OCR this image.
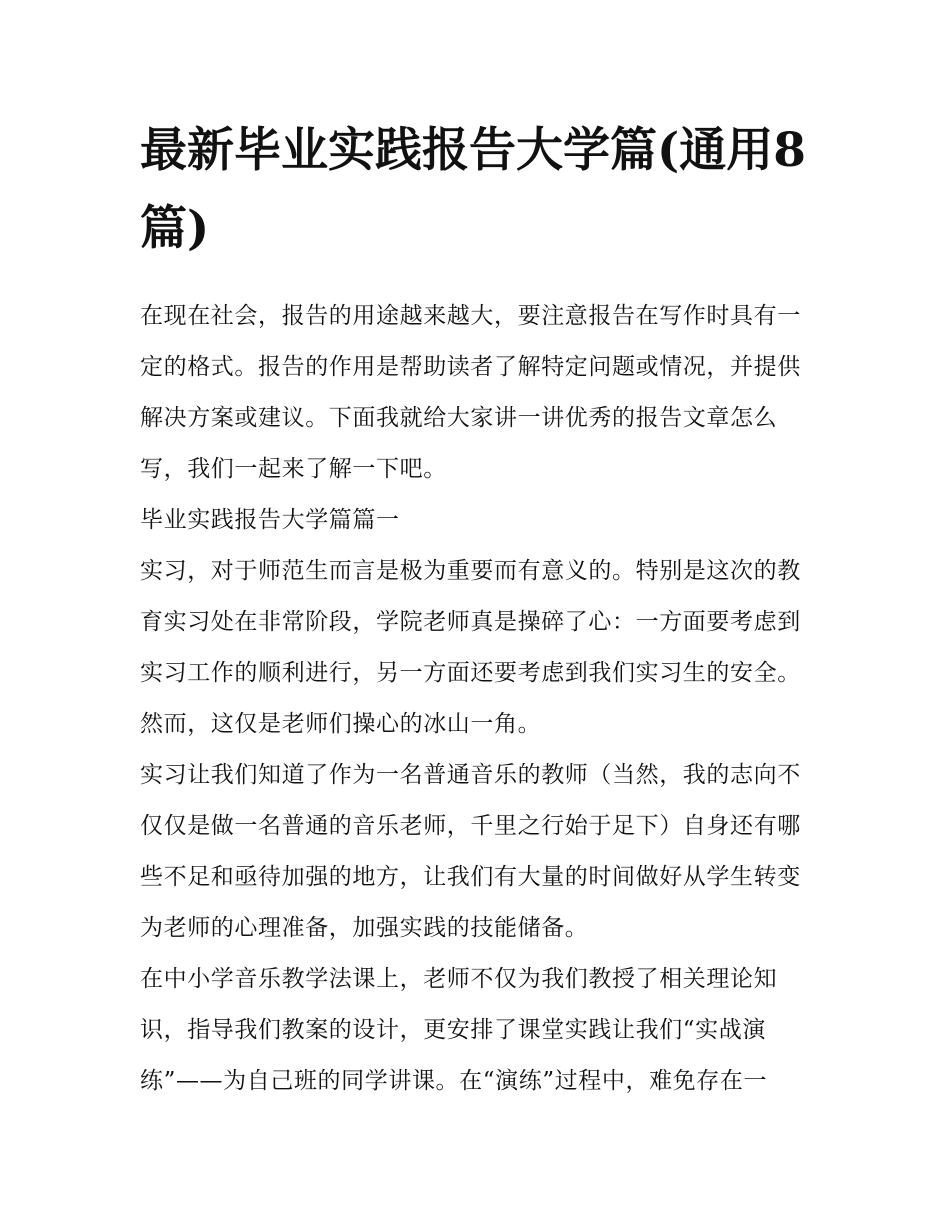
最新毕业实践报告大学篇(通用8篇)

在现在社会，报告的用途越来越大，要注意报告在写作时具有一定的格式。报告的作用是帮助读者了解特定问题或情况，并提供解决方案或建议。下面我就给大家讲一讲优秀的报告文章怎么写，我们一起来了解一下吧。

毕业实践报告大学篇篇一

实习，对于师范生而言是极为重要而有意义的。特别是这次的教育实习处在非常阶段，学院老师真是操碎了心：一方面要考虑到实习工作的顺利进行，另一方面还要考虑到我们实习生的安全。然而，这仅是老师们操心的冰山一角。

实习让我们知道了作为一名普通音乐的教师（当然，我的志向不仅仅是做一名普通的音乐老师，千里之行始于足下）自身还有哪些不足和亟待加强的地方，让我们有大量的时间做好从学生转变为老师的心理准备，加强实践的技能储备。

在中小学音乐教学法课上，老师不仅为我们教授了相关理论知识，指导我们教案的设计，更安排了课堂实践让我们“实战演练”——为自己班的同学讲课。在“演练”过程中，难免存在一
